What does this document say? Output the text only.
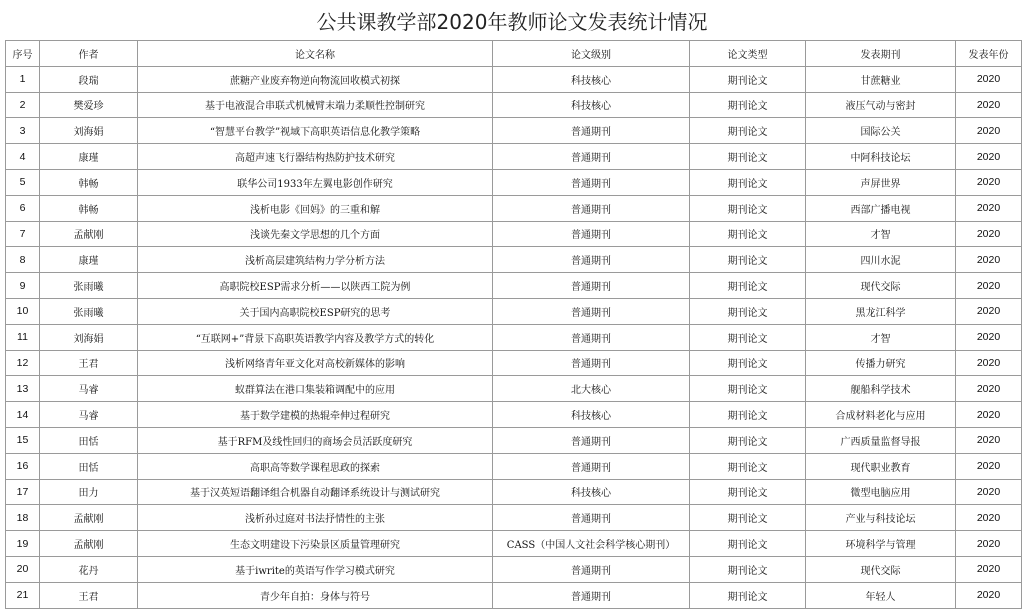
公共课教学部2020年教师论文发表统计情况
序号	作者	论文名称	论文级别	论文类型	发表期刊	发表年份
1	段瑞	蔗糖产业废弃物逆向物流回收模式初探	科技核心	期刊论文	甘蔗糖业	2020
2	樊爱珍	基于电液混合串联式机械臂末端力柔顺性控制研究	科技核心	期刊论文	液压气动与密封	2020
3	刘海娟	“智慧平台教学”视域下高职英语信息化教学策略	普通期刊	期刊论文	国际公关	2020
4	康瑾	高超声速飞行器结构热防护技术研究	普通期刊	期刊论文	中阿科技论坛	2020
5	韩畅	联华公司1933年左翼电影创作研究	普通期刊	期刊论文	声屏世界	2020
6	韩畅	浅析电影《回妈》的三重和解	普通期刊	期刊论文	西部广播电视	2020
7	孟献刚	浅谈先秦文学思想的几个方面	普通期刊	期刊论文	才智	2020
8	康瑾	浅析高层建筑结构力学分析方法	普通期刊	期刊论文	四川水泥	2020
9	张雨曦	高职院校ESP需求分析——以陕西工院为例	普通期刊	期刊论文	现代交际	2020
10	张雨曦	关于国内高职院校ESP研究的思考	普通期刊	期刊论文	黑龙江科学	2020
11	刘海娟	“互联网+”背景下高职英语教学内容及教学方式的转化	普通期刊	期刊论文	才智	2020
12	王君	浅析网络青年亚文化对高校新媒体的影响	普通期刊	期刊论文	传播力研究	2020
13	马睿	蚁群算法在港口集装箱调配中的应用	北大核心	期刊论文	舰船科学技术	2020
14	马睿	基于数学建模的热辊牵伸过程研究	科技核心	期刊论文	合成材料老化与应用	2020
15	田恬	基于RFM及线性回归的商场会员活跃度研究	普通期刊	期刊论文	广西质量监督导报	2020
16	田恬	高职高等数学课程思政的探索	普通期刊	期刊论文	现代职业教育	2020
17	田力	基于汉英短语翻译组合机器自动翻译系统设计与测试研究	科技核心	期刊论文	微型电脑应用	2020
18	孟献刚	浅析孙过庭对书法抒情性的主张	普通期刊	期刊论文	产业与科技论坛	2020
19	孟献刚	生态文明建设下污染景区质量管理研究	CASS（中国人文社会科学核心期刊）	期刊论文	环境科学与管理	2020
20	花丹	基于iwrite的英语写作学习模式研究	普通期刊	期刊论文	现代交际	2020
21	王君	青少年自拍：身体与符号	普通期刊	期刊论文	年轻人	2020
